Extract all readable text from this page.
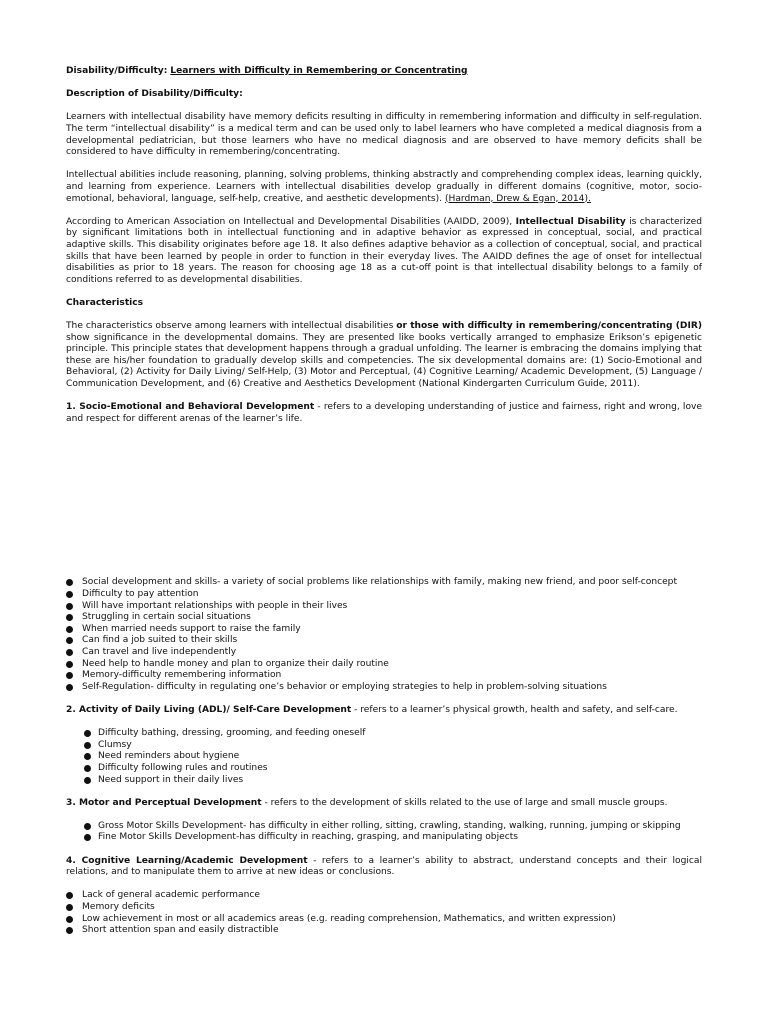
Disability/Difficulty: Learners with Difficulty in Remembering or Concentrating

Description of Disability/Difficulty:

Learners with intellectual disability have memory deficits resulting in difficulty in remembering information and difficulty in self-regulation. The term “intellectual disability” is a medical term and can be used only to label learners who have completed a medical diagnosis from a developmental pediatrician, but those learners who have no medical diagnosis and are observed to have memory deficits shall be considered to have difficulty in remembering/concentrating.

Intellectual abilities include reasoning, planning, solving problems, thinking abstractly and comprehending complex ideas, learning quickly, and learning from experience. Learners with intellectual disabilities develop gradually in different domains (cognitive, motor, socio-emotional, behavioral, language, self-help, creative, and aesthetic developments). (Hardman, Drew & Egan, 2014).

According to American Association on Intellectual and Developmental Disabilities (AAIDD, 2009), Intellectual Disability is characterized by significant limitations both in intellectual functioning and in adaptive behavior as expressed in conceptual, social, and practical adaptive skills. This disability originates before age 18. It also defines adaptive behavior as a collection of conceptual, social, and practical skills that have been learned by people in order to function in their everyday lives. The AAIDD defines the age of onset for intellectual disabilities as prior to 18 years. The reason for choosing age 18 as a cut-off point is that intellectual disability belongs to a family of conditions referred to as developmental disabilities.

Characteristics

The characteristics observe among learners with intellectual disabilities or those with difficulty in remembering/concentrating (DIR) show significance in the developmental domains. They are presented like books vertically arranged to emphasize Erikson’s epigenetic principle. This principle states that development happens through a gradual unfolding. The learner is embracing the domains implying that these are his/her foundation to gradually develop skills and competencies. The six developmental domains are: (1) Socio-Emotional and Behavioral, (2) Activity for Daily Living/ Self-Help, (3) Motor and Perceptual, (4) Cognitive Learning/ Academic Development, (5) Language / Communication Development, and (6) Creative and Aesthetics Development (National Kindergarten Curriculum Guide, 2011).

1. Socio-Emotional and Behavioral Development - refers to a developing understanding of justice and fairness, right and wrong, love and respect for different arenas of the learner’s life.

Social development and skills- a variety of social problems like relationships with family, making new friend, and poor self-concept
Difficulty to pay attention
Will have important relationships with people in their lives
Struggling in certain social situations
When married needs support to raise the family
Can find a job suited to their skills
Can travel and live independently
Need help to handle money and plan to organize their daily routine
Memory-difficulty remembering information
Self-Regulation- difficulty in regulating one’s behavior or employing strategies to help in problem-solving situations

2. Activity of Daily Living (ADL)/ Self-Care Development - refers to a learner’s physical growth, health and safety, and self-care.

Difficulty bathing, dressing, grooming, and feeding oneself
Clumsy
Need reminders about hygiene
Difficulty following rules and routines
Need support in their daily lives

3. Motor and Perceptual Development - refers to the development of skills related to the use of large and small muscle groups.

Gross Motor Skills Development- has difficulty in either rolling, sitting, crawling, standing, walking, running, jumping or skipping
Fine Motor Skills Development-has difficulty in reaching, grasping, and manipulating objects

4. Cognitive Learning/Academic Development - refers to a learner’s ability to abstract, understand concepts and their logical relations, and to manipulate them to arrive at new ideas or conclusions.

Lack of general academic performance
Memory deficits
Low achievement in most or all academics areas (e.g. reading comprehension, Mathematics, and written expression)
Short attention span and easily distractible
